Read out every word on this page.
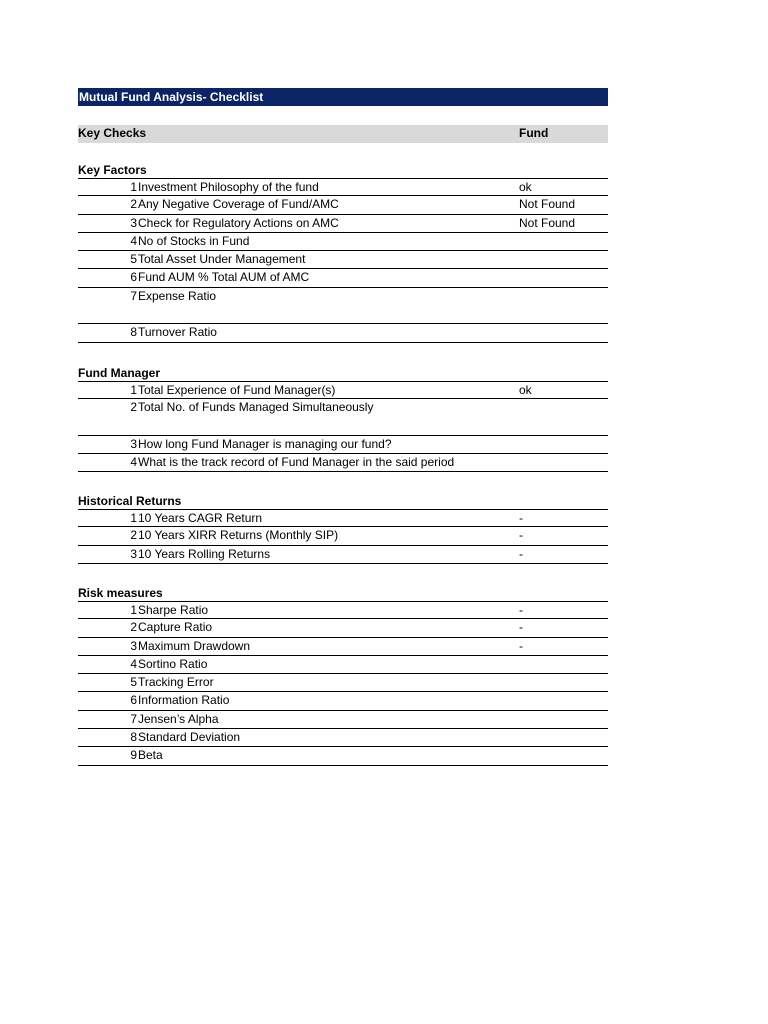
Mutual Fund Analysis- Checklist
Key Checks	Fund
Key Factors
1 Investment Philosophy of the fund	ok
2 Any Negative Coverage of Fund/AMC	Not Found
3 Check for Regulatory Actions on AMC	Not Found
4 No of Stocks in Fund
5 Total Asset Under Management
6 Fund AUM % Total AUM of AMC
7 Expense Ratio
8 Turnover Ratio
Fund Manager
1 Total Experience of Fund Manager(s)	ok
2 Total No. of Funds Managed Simultaneously
3 How long Fund Manager is managing our fund?
4 What is the track record of Fund Manager in the said period
Historical Returns
1 10 Years CAGR Return	-
2 10 Years XIRR Returns (Monthly SIP)	-
3 10 Years Rolling Returns	-
Risk measures
1 Sharpe Ratio	-
2 Capture Ratio	-
3 Maximum Drawdown	-
4 Sortino Ratio
5 Tracking Error
6 Information Ratio
7 Jensen’s Alpha
8 Standard Deviation
9 Beta
